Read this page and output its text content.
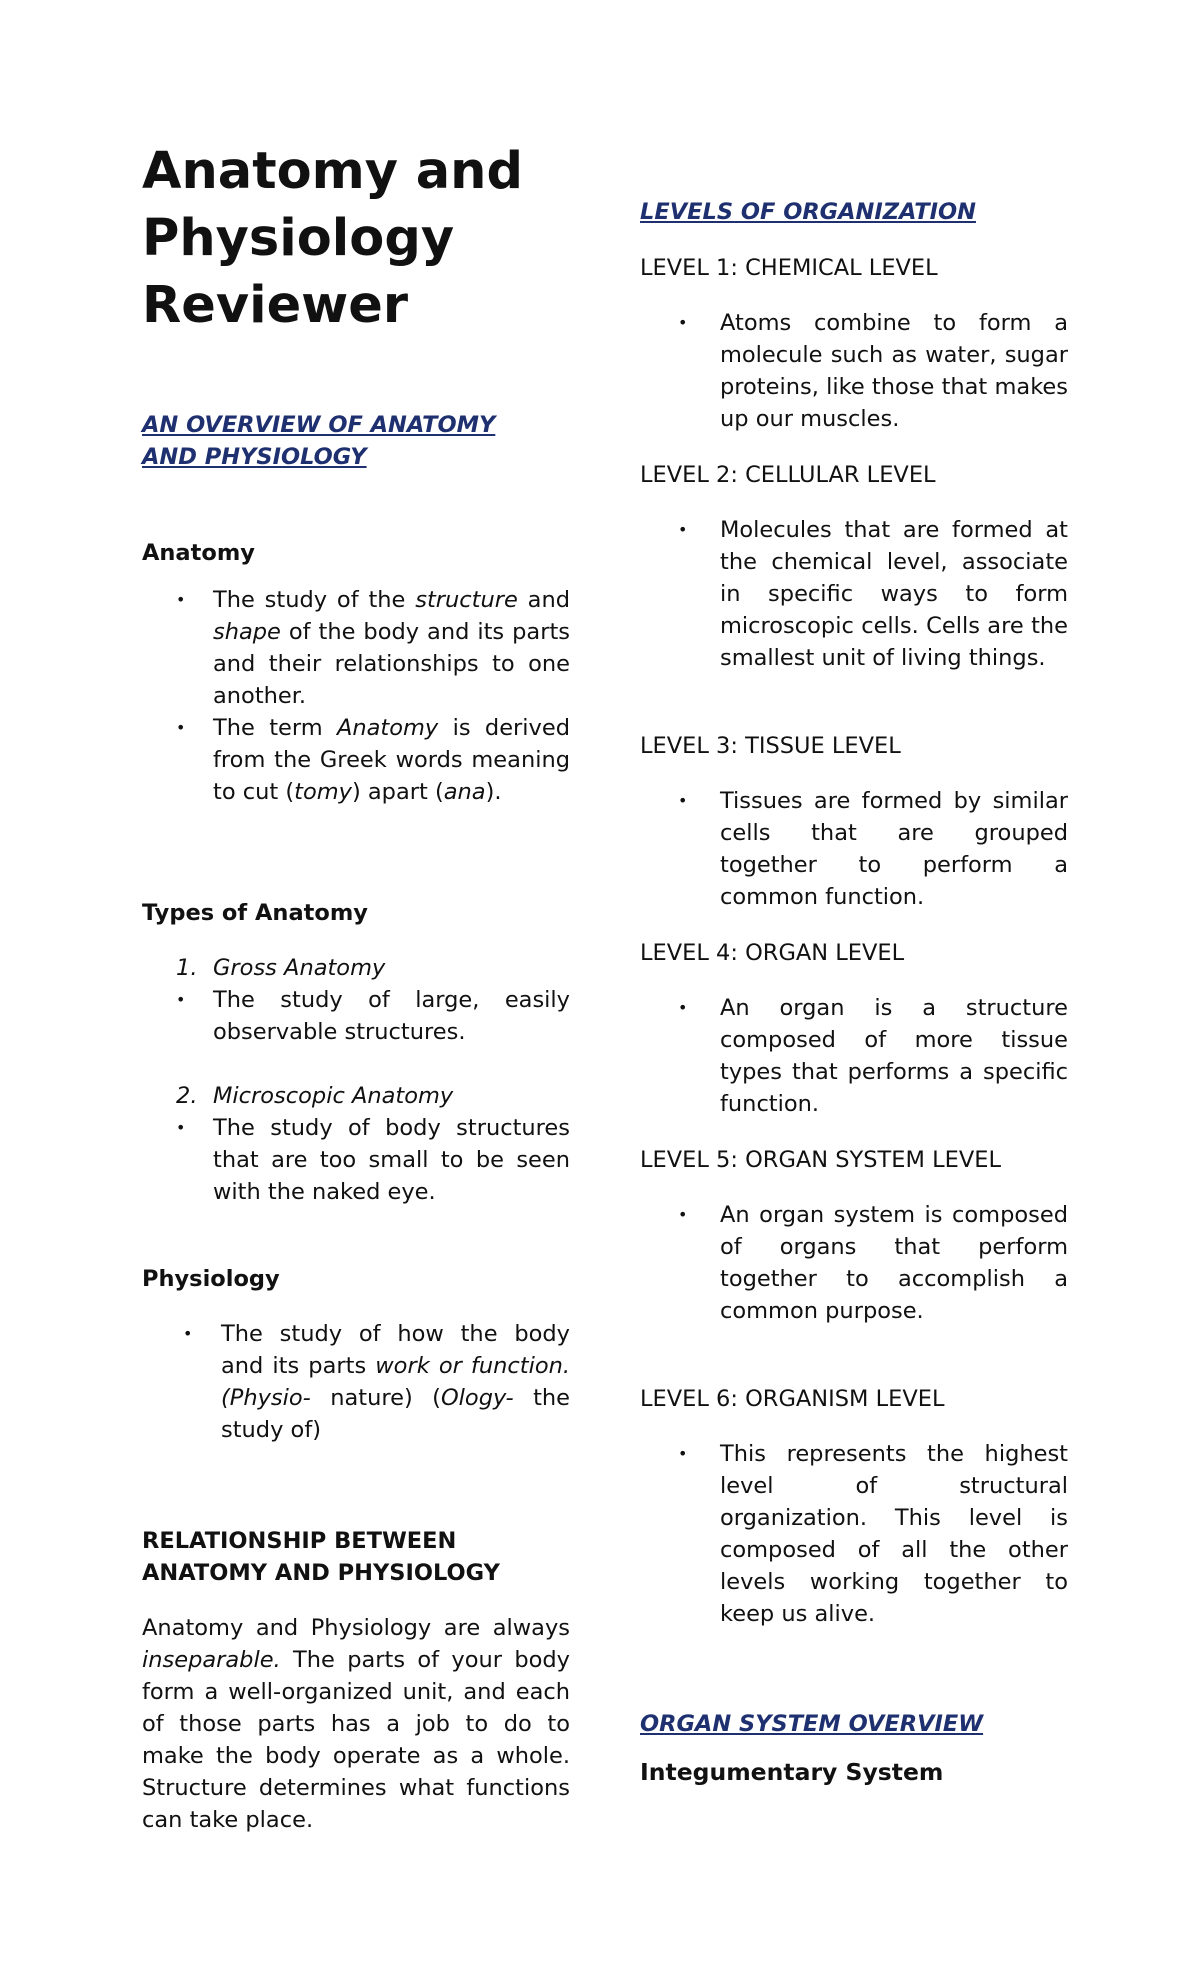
Anatomy and
Physiology
Reviewer
AN OVERVIEW OF ANATOMY
AND PHYSIOLOGY
Anatomy
• The study of the structure and shape of the body and its parts and their relationships to one another.
• The term Anatomy is derived from the Greek words meaning to cut (tomy) apart (ana).
Types of Anatomy
1. Gross Anatomy
• The study of large, easily observable structures.
2. Microscopic Anatomy
• The study of body structures that are too small to be seen with the naked eye.
Physiology
• The study of how the body and its parts work or function. (Physio- nature) (Ology- the study of)
RELATIONSHIP BETWEEN
ANATOMY AND PHYSIOLOGY

Anatomy and Physiology are always inseparable. The parts of your body form a well-organized unit, and each of those parts has a job to do to make the body operate as a whole. Structure determines what functions can take place.

LEVELS OF ORGANIZATION
LEVEL 1: CHEMICAL LEVEL
• Atoms combine to form a molecule such as water, sugar proteins, like those that makes up our muscles.
LEVEL 2: CELLULAR LEVEL
• Molecules that are formed at the chemical level, associate in specific ways to form microscopic cells. Cells are the smallest unit of living things.
LEVEL 3: TISSUE LEVEL
• Tissues are formed by similar cells that are grouped together to perform a common function.
LEVEL 4: ORGAN LEVEL
• An organ is a structure composed of more tissue types that performs a specific function.
LEVEL 5: ORGAN SYSTEM LEVEL
• An organ system is composed of organs that perform together to accomplish a common purpose.
LEVEL 6: ORGANISM LEVEL
• This represents the highest level of structural organization. This level is composed of all the other levels working together to keep us alive.
ORGAN SYSTEM OVERVIEW
Integumentary System
